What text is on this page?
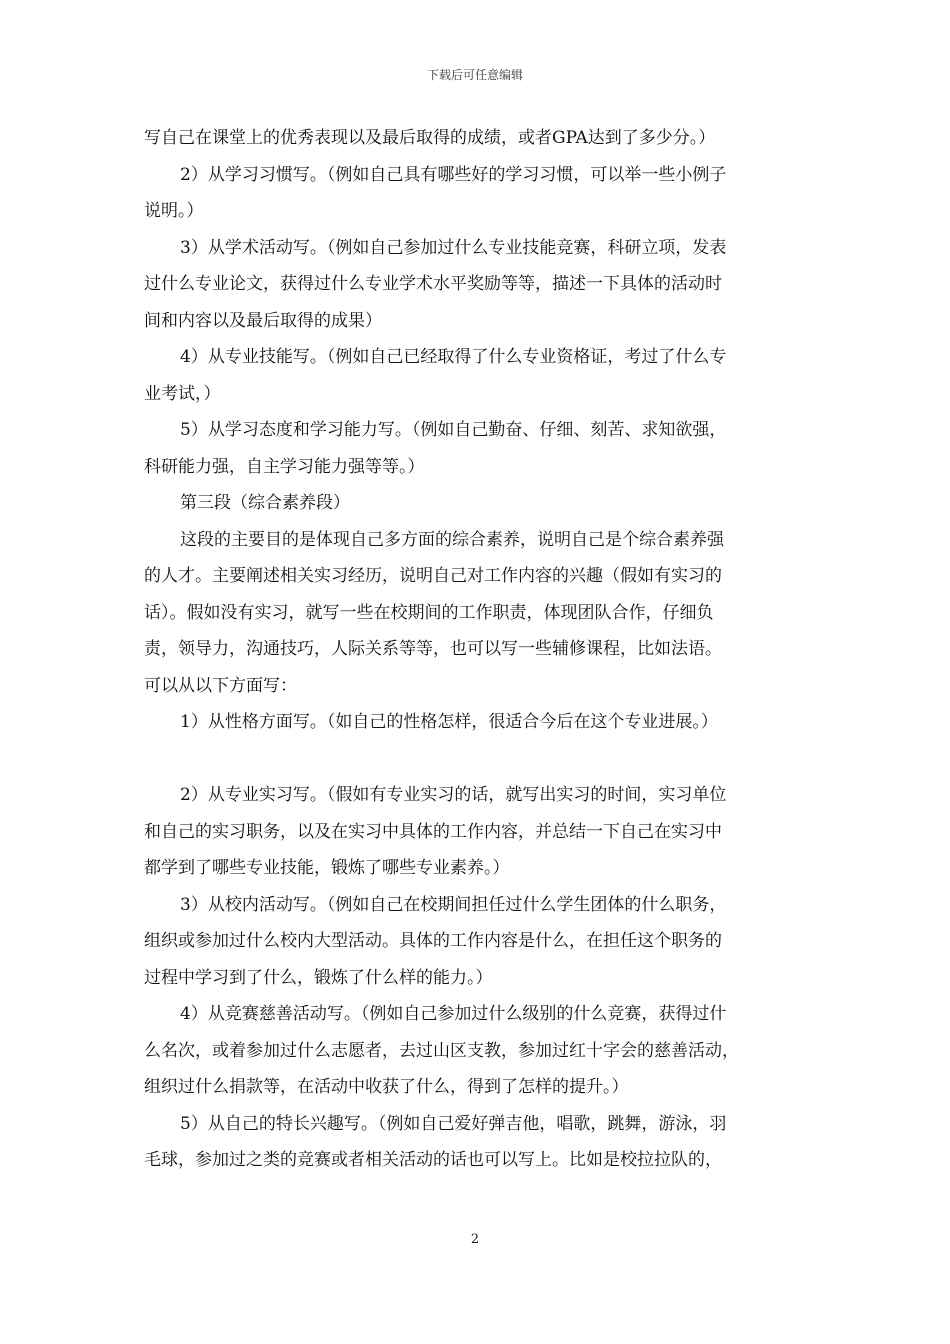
下载后可任意编辑
写自己在课堂上的优秀表现以及最后取得的成绩，或者GPA达到了多少分。）
2）从学习习惯写。（例如自己具有哪些好的学习习惯，可以举一些小例子
说明。）
3）从学术活动写。（例如自己参加过什么专业技能竞赛，科研立项，发表
过什么专业论文，获得过什么专业学术水平奖励等等，描述一下具体的活动时
间和内容以及最后取得的成果）
4）从专业技能写。（例如自己已经取得了什么专业资格证，考过了什么专
业考试，）
5）从学习态度和学习能力写。（例如自己勤奋、仔细、刻苦、求知欲强，
科研能力强，自主学习能力强等等。）
第三段（综合素养段）
这段的主要目的是体现自己多方面的综合素养，说明自己是个综合素养强
的人才。主要阐述相关实习经历，说明自己对工作内容的兴趣（假如有实习的
话）。假如没有实习，就写一些在校期间的工作职责，体现团队合作，仔细负
责，领导力，沟通技巧，人际关系等等，也可以写一些辅修课程，比如法语。
可以从以下方面写：
1）从性格方面写。（如自己的性格怎样，很适合今后在这个专业进展。）
2）从专业实习写。（假如有专业实习的话，就写出实习的时间，实习单位
和自己的实习职务，以及在实习中具体的工作内容，并总结一下自己在实习中
都学到了哪些专业技能，锻炼了哪些专业素养。）
3）从校内活动写。（例如自己在校期间担任过什么学生团体的什么职务，
组织或参加过什么校内大型活动。具体的工作内容是什么，在担任这个职务的
过程中学习到了什么，锻炼了什么样的能力。）
4）从竞赛慈善活动写。（例如自己参加过什么级别的什么竞赛，获得过什
么名次，或着参加过什么志愿者，去过山区支教，参加过红十字会的慈善活动，
组织过什么捐款等，在活动中收获了什么，得到了怎样的提升。）
5）从自己的特长兴趣写。（例如自己爱好弹吉他，唱歌，跳舞，游泳，羽
毛球，参加过之类的竞赛或者相关活动的话也可以写上。比如是校拉拉队的，
2
